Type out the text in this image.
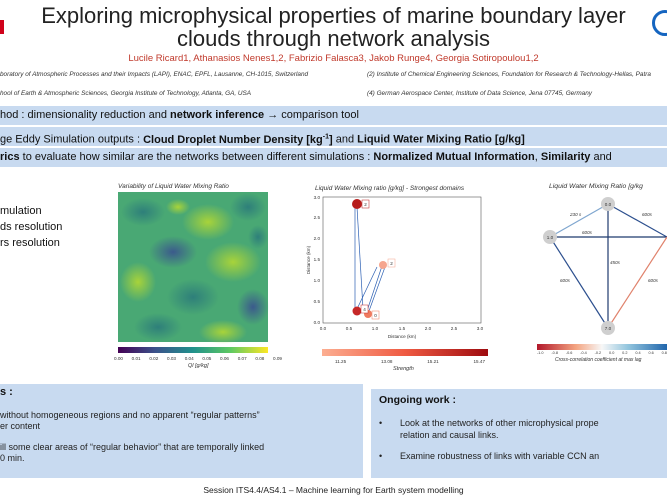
Exploring microphysical properties of marine boundary layer
clouds through network analysis
Lucile Ricard1, Athanasios Nenes1,2, Fabrizio Falasca3, Jakob Runge4, Georgia Sotiropoulou1,2
boratory of Atmospheric Processes and their Impacts (LAPI), ENAC, EPFL, Lausanne, CH-1015, Switzerland	(2) Institute of Chemical Engineering Sciences, Foundation for Research & Technology-Hellas, Patra
hool of Earth & Atmospheric Sciences, Georgia Institute of Technology, Atlanta, GA, USA	(4) German Aerospace Center, Institute of Data Science, Jena 07745, Germany
hod : dimensionality reduction and network inference → comparison tool
ge Eddy Simulation outputs : Cloud Droplet Number Density $[kg^{-1}]$ and Liquid Water Mixing Ratio [g/kg]
rics to evaluate how similar are the networks between different simulations : Normalized Mutual Information, Similarity and
mulation
ds resolution
rs resolution
Variability of Liquid Water Mixing Ratio
0.00 0.01 0.02 0.03 0.04 0.05 0.06 0.07 0.08 0.09
Ql [g/kg]
Liquid Water Mixing ratio [g/kg] - Strongest domains
0.0
0.5
1.0
1.5
2.0
2.5
3.0
0.0	0.5	1.0	1.5	2.0	2.5	3.0
Distance (km)
Distance (km)
2
2
4
0
11.25	13.08	15.21	15.47
Strength
Liquid Water Mixing Ratio [g/kg
0.0
1.0
7.0
230 s	600s
600s
450s
600s	600s
-1.0 -0.8 -0.6 -0.4 -0.2 0.0 0.2 0.4 0.6 0.8
Cross-correlation coefficient at max lag
s :
without homogeneous regions and no apparent “regular patterns”
er content
ill some clear areas of “regular behavior” that are temporally linked
0 min.
Ongoing work :
• Look at the networks of other microphysical prope
relation and causal links.
• Examine robustness of links with variable CCN an
Session ITS4.4/AS4.1 – Machine learning for Earth system modelling
